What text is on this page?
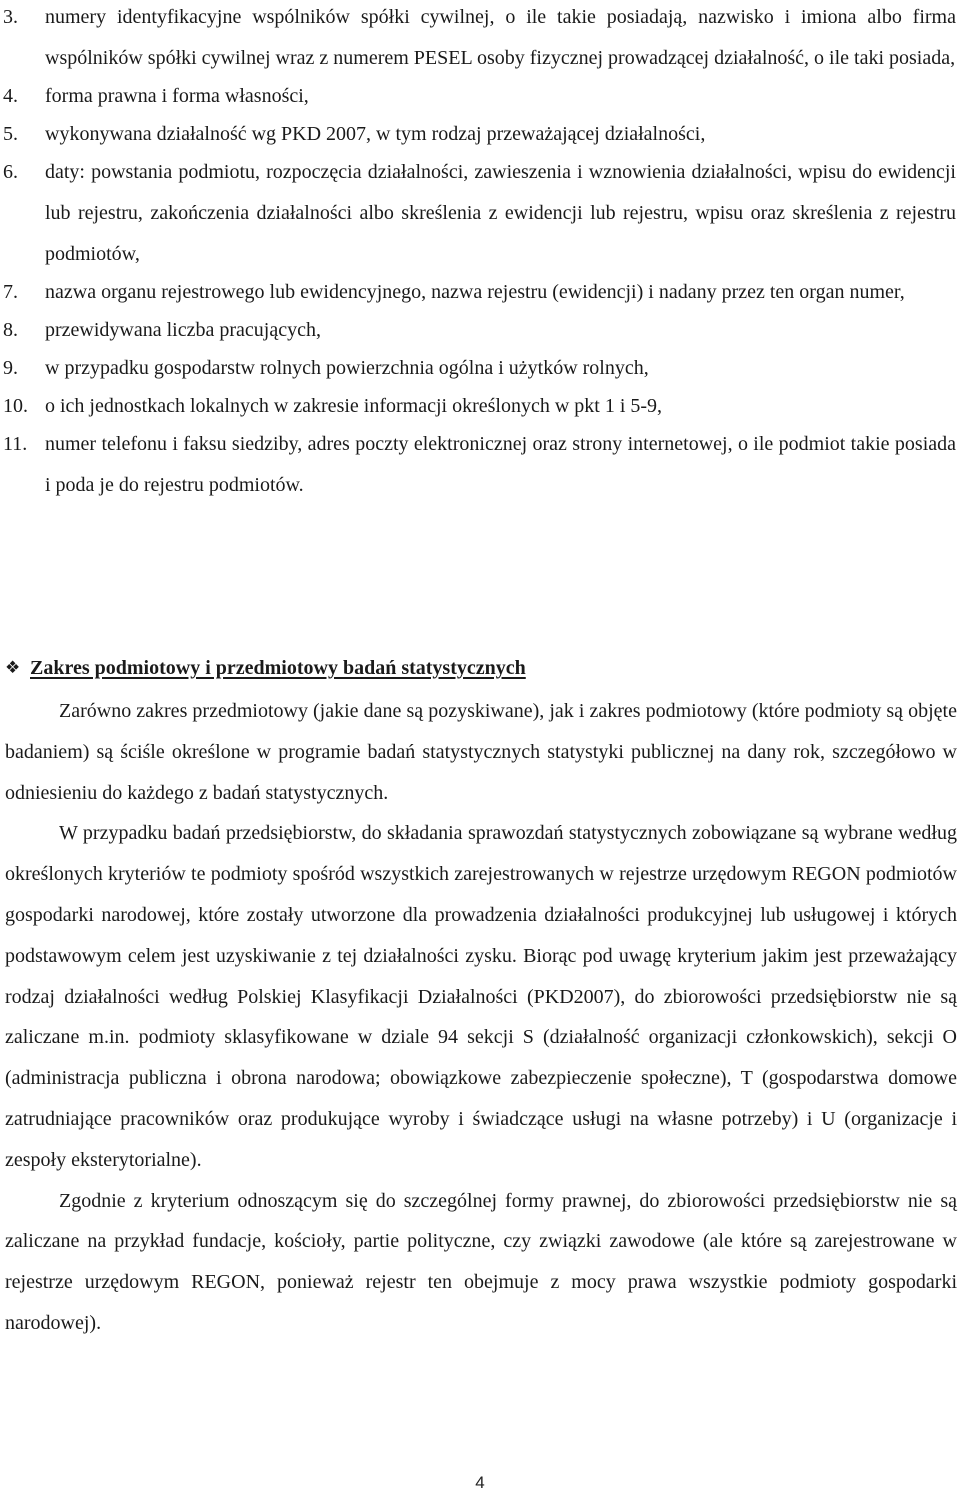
3. numery identyfikacyjne wspólników spółki cywilnej, o ile takie posiadają, nazwisko i imiona albo firma wspólników spółki cywilnej wraz z numerem PESEL osoby fizycznej prowadzącej działalność, o ile taki posiada,
4. forma prawna i forma własności,
5. wykonywana działalność wg PKD 2007, w tym rodzaj przeważającej działalności,
6. daty: powstania podmiotu, rozpoczęcia działalności, zawieszenia i wznowienia działalności, wpisu do ewidencji lub rejestru, zakończenia działalności albo skreślenia z ewidencji lub rejestru, wpisu oraz skreślenia z rejestru podmiotów,
7. nazwa organu rejestrowego lub ewidencyjnego, nazwa rejestru (ewidencji) i nadany przez ten organ numer,
8. przewidywana liczba pracujących,
9. w przypadku gospodarstw rolnych powierzchnia ogólna i użytków rolnych,
10. o ich jednostkach lokalnych w zakresie informacji określonych w pkt 1 i 5-9,
11. numer telefonu i faksu siedziby, adres poczty elektronicznej oraz strony internetowej, o ile podmiot takie posiada i poda je do rejestru podmiotów.
❖ Zakres podmiotowy i przedmiotowy badań statystycznych

Zarówno zakres przedmiotowy (jakie dane są pozyskiwane), jak i zakres podmiotowy (które podmioty są objęte badaniem) są ściśle określone w programie badań statystycznych statystyki publicznej na dany rok, szczegółowo w odniesieniu do każdego z badań statystycznych.

W przypadku badań przedsiębiorstw, do składania sprawozdań statystycznych zobowiązane są wybrane według określonych kryteriów te podmioty spośród wszystkich zarejestrowanych w rejestrze urzędowym REGON podmiotów gospodarki narodowej, które zostały utworzone dla prowadzenia działalności produkcyjnej lub usługowej i których podstawowym celem jest uzyskiwanie z tej działalności zysku. Biorąc pod uwagę kryterium jakim jest przeważający rodzaj działalności według Polskiej Klasyfikacji Działalności (PKD2007), do zbiorowości przedsiębiorstw nie są zaliczane m.in. podmioty sklasyfikowane w dziale 94 sekcji S (działalność organizacji członkowskich), sekcji O (administracja publiczna i obrona narodowa; obowiązkowe zabezpieczenie społeczne), T (gospodarstwa domowe zatrudniające pracowników oraz produkujące wyroby i świadczące usługi na własne potrzeby) i U (organizacje i zespoły eksterytorialne).

Zgodnie z kryterium odnoszącym się do szczególnej formy prawnej, do zbiorowości przedsiębiorstw nie są zaliczane na przykład fundacje, kościoły, partie polityczne, czy związki zawodowe (ale które są zarejestrowane w rejestrze urzędowym REGON, ponieważ rejestr ten obejmuje z mocy prawa wszystkie podmioty gospodarki narodowej).

4
